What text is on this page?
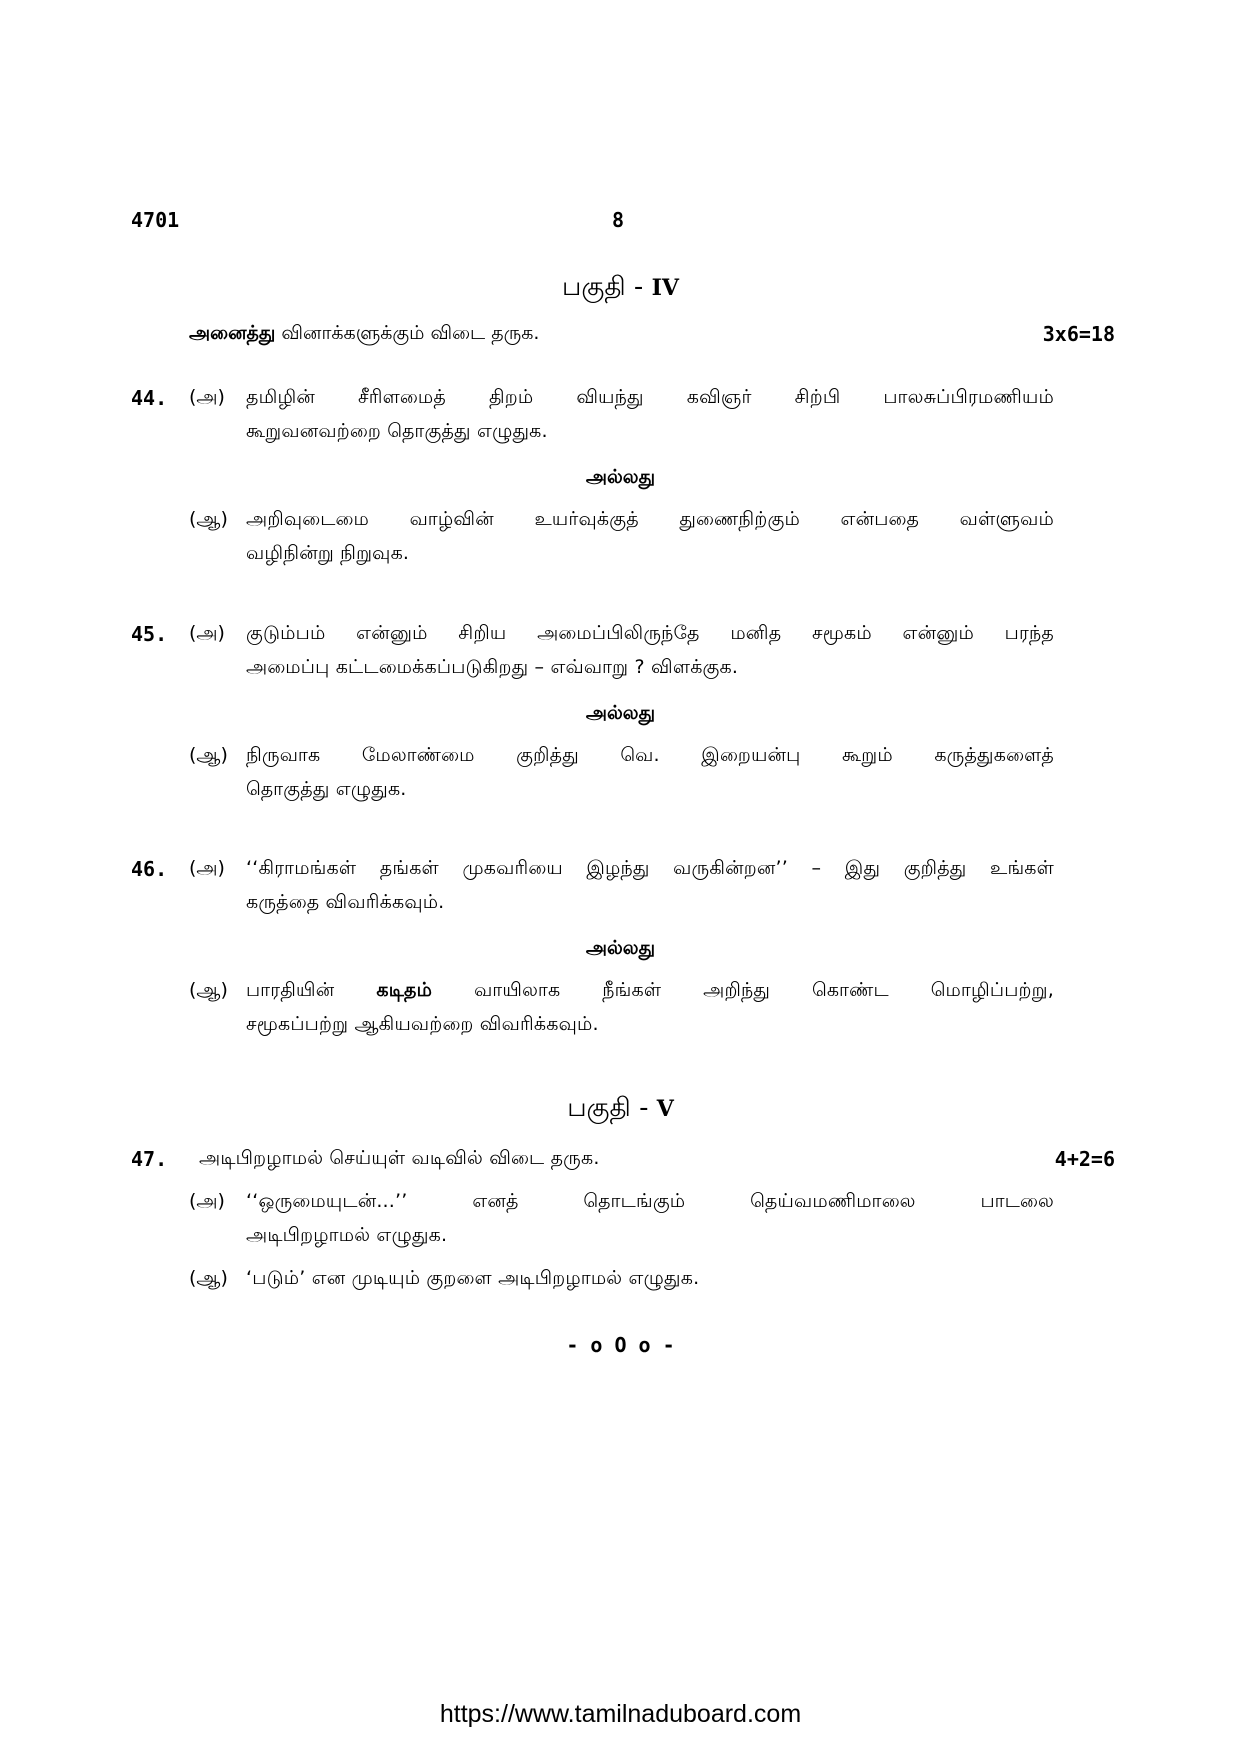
4701	8
பகுதி - IV
அனைத்து வினாக்களுக்கும் விடை தருக.	3x6=18
44. (அ) தமிழின் சீரிளமைத் திறம் வியந்து கவிஞர் சிற்பி பாலசுப்பிரமணியம்
கூறுவனவற்றை தொகுத்து எழுதுக.
அல்லது
(ஆ) அறிவுடைமை வாழ்வின் உயர்வுக்குத் துணைநிற்கும் என்பதை வள்ளுவம்
வழிநின்று நிறுவுக.
45. (அ) குடும்பம் என்னும் சிறிய அமைப்பிலிருந்தே மனித சமூகம் என்னும் பரந்த
அமைப்பு கட்டமைக்கப்படுகிறது – எவ்வாறு ? விளக்குக.
அல்லது
(ஆ) நிருவாக மேலாண்மை குறித்து வெ. இறையன்பு கூறும் கருத்துகளைத்
தொகுத்து எழுதுக.
46. (அ) ‘‘கிராமங்கள் தங்கள் முகவரியை இழந்து வருகின்றன’’ – இது குறித்து உங்கள்
கருத்தை விவரிக்கவும்.
அல்லது
(ஆ) பாரதியின் கடிதம் வாயிலாக நீங்கள் அறிந்து கொண்ட மொழிப்பற்று,
சமூகப்பற்று ஆகியவற்றை விவரிக்கவும்.
பகுதி - V
47. அடிபிறழாமல் செய்யுள் வடிவில் விடை தருக.	4+2=6
(அ) ‘‘ஒருமையுடன்...’’ எனத் தொடங்கும் தெய்வமணிமாலை பாடலை
அடிபிறழாமல் எழுதுக.
(ஆ) ‘படும்’ என முடியும் குறளை அடிபிறழாமல் எழுதுக.
- o O o -
https://www.tamilnaduboard.com
